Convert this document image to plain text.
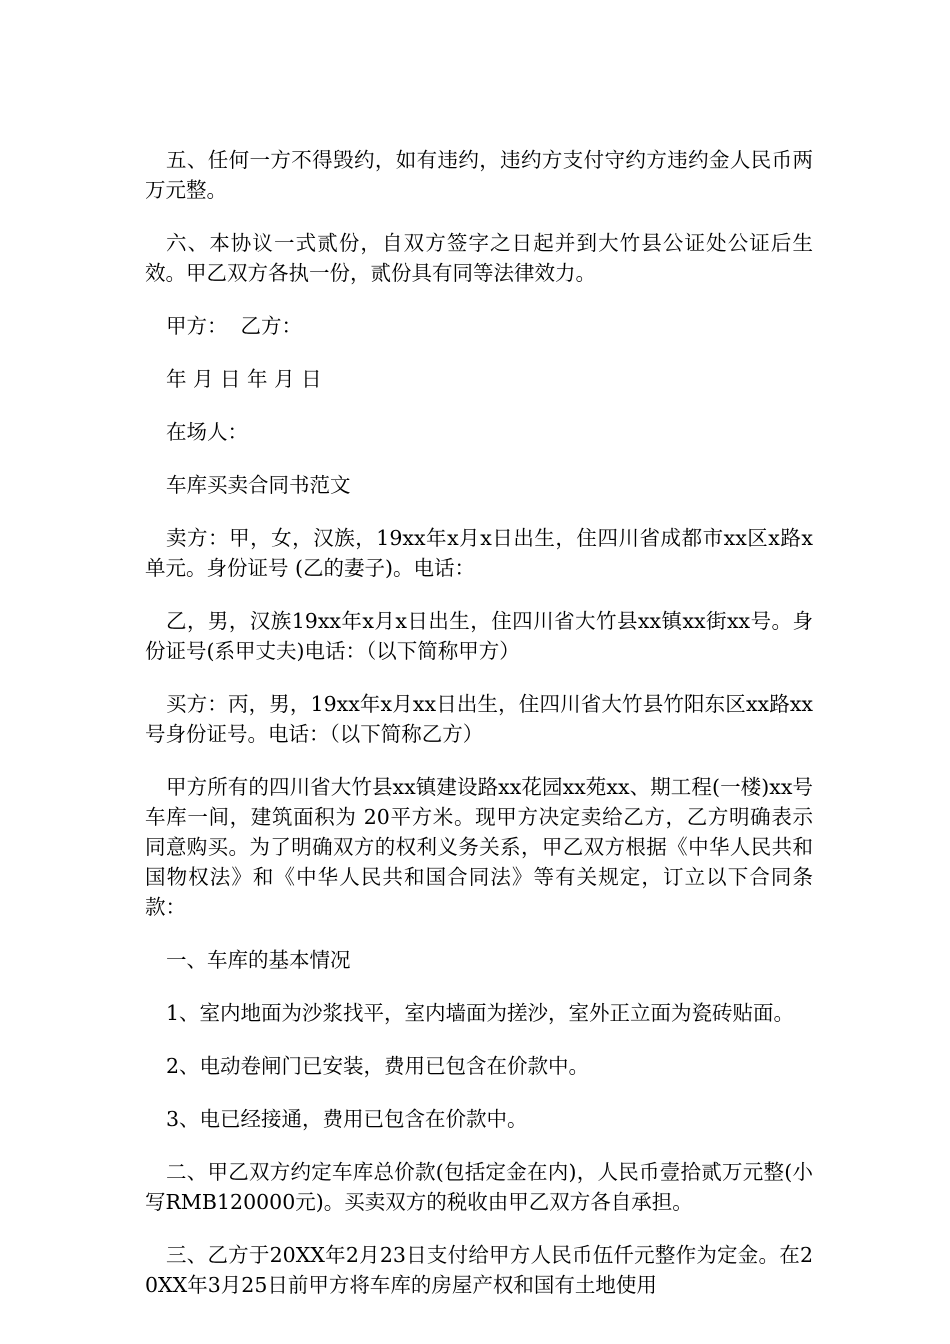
五、任何一方不得毁约，如有违约，违约方支付守约方违约金人民币两万元整。

六、本协议一式贰份，自双方签字之日起并到大竹县公证处公证后生效。甲乙双方各执一份，贰份具有同等法律效力。

甲方：  乙方：

年 月 日 年 月 日

在场人：

车库买卖合同书范文

卖方：甲，女，汉族，19xx年x月x日出生，住四川省成都市xx区x路x单元。身份证号 (乙的妻子)。电话：

乙，男，汉族19xx年x月x日出生，住四川省大竹县xx镇xx街xx号。身份证号(系甲丈夫)电话：（以下简称甲方）

买方：丙，男，19xx年x月xx日出生，住四川省大竹县竹阳东区xx路xx号身份证号。电话：（以下简称乙方）

甲方所有的四川省大竹县xx镇建设路xx花园xx苑xx、期工程(一楼)xx号车库一间，建筑面积为 20平方米。现甲方决定卖给乙方，乙方明确表示同意购买。为了明确双方的权利义务关系，甲乙双方根据《中华人民共和国物权法》和《中华人民共和国合同法》等有关规定，订立以下合同条款：

一、车库的基本情况

1、室内地面为沙浆找平，室内墙面为搓沙，室外正立面为瓷砖贴面。

2、电动卷闸门已安装，费用已包含在价款中。

3、电已经接通，费用已包含在价款中。

二、甲乙双方约定车库总价款(包括定金在内)，人民币壹拾贰万元整(小写RMB120000元)。买卖双方的税收由甲乙双方各自承担。

三、乙方于20XX年2月23日支付给甲方人民币伍仟元整作为定金。在20XX年3月25日前甲方将车库的房屋产权和国有土地使用
